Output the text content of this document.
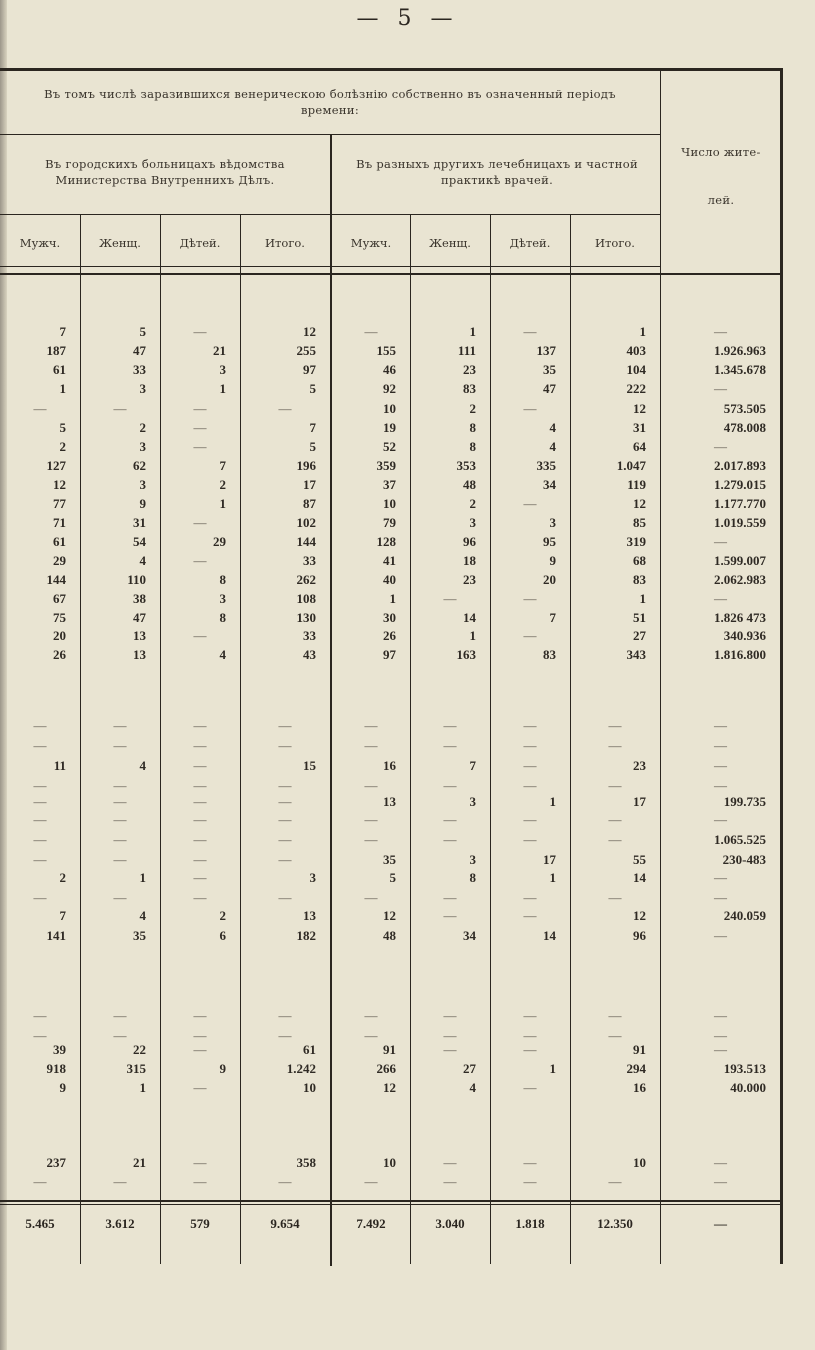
— 5 —
Въ томъ числѣ заразившихся венерическою болѣзнію собственно въ означенный періодъ времени:
Въ городскихъ больницахъ вѣдомства Министерства Внутреннихъ Дѣлъ.
Въ разныхъ другихъ лечебницахъ и частной практикѣ врачей.
Число жите-
лей.
Мужч.	Женщ.	Дѣтей.	Итого.	Мужч.	Женщ.	Дѣтей.	Итого.
7	5	—	12	—	1	—	1	—
187	47	21	255	155	111	137	403	1.926.963
61	33	3	97	46	23	35	104	1.345.678
1	3	1	5	92	83	47	222	—
—	—	—	—	10	2	—	12	573.505
5	2	—	7	19	8	4	31	478.008
2	3	—	5	52	8	4	64	—
127	62	7	196	359	353	335	1.047	2.017.893
12	3	2	17	37	48	34	119	1.279.015
77	9	1	87	10	2	—	12	1.177.770
71	31	—	102	79	3	3	85	1.019.559
61	54	29	144	128	96	95	319	—
29	4	—	33	41	18	9	68	1.599.007
144	110	8	262	40	23	20	83	2.062.983
67	38	3	108	1	—	—	1	—
75	47	8	130	30	14	7	51	1.826 473
20	13	—	33	26	1	—	27	340.936
26	13	4	43	97	163	83	343	1.816.800
—	—	—	—	—	—	—	—	—
—	—	—	—	—	—	—	—	—
11	4	—	15	16	7	—	23	—
—	—	—	—	—	—	—	—	—
—	—	—	—	13	3	1	17	199.735
—	—	—	—	—	—	—	—	—
—	—	—	—	—	—	—	—	1.065.525
—	—	—	—	35	3	17	55	230-483
2	1	—	3	5	8	1	14	—
—	—	—	—	—	—	—	—	—
7	4	2	13	12	—	—	12	240.059
141	35	6	182	48	34	14	96	—
—	—	—	—	—	—	—	—	—
—	—	—	—	—	—	—	—	—
39	22	—	61	91	—	—	91	—
918	315	9	1.242	266	27	1	294	193.513
9	1	—	10	12	4	—	16	40.000
237	21	—	358	10	—	—	10	—
—	—	—	—	—	—	—	—	—
5.465	3.612	579	9.654	7.492	3.040	1.818	12.350	—
